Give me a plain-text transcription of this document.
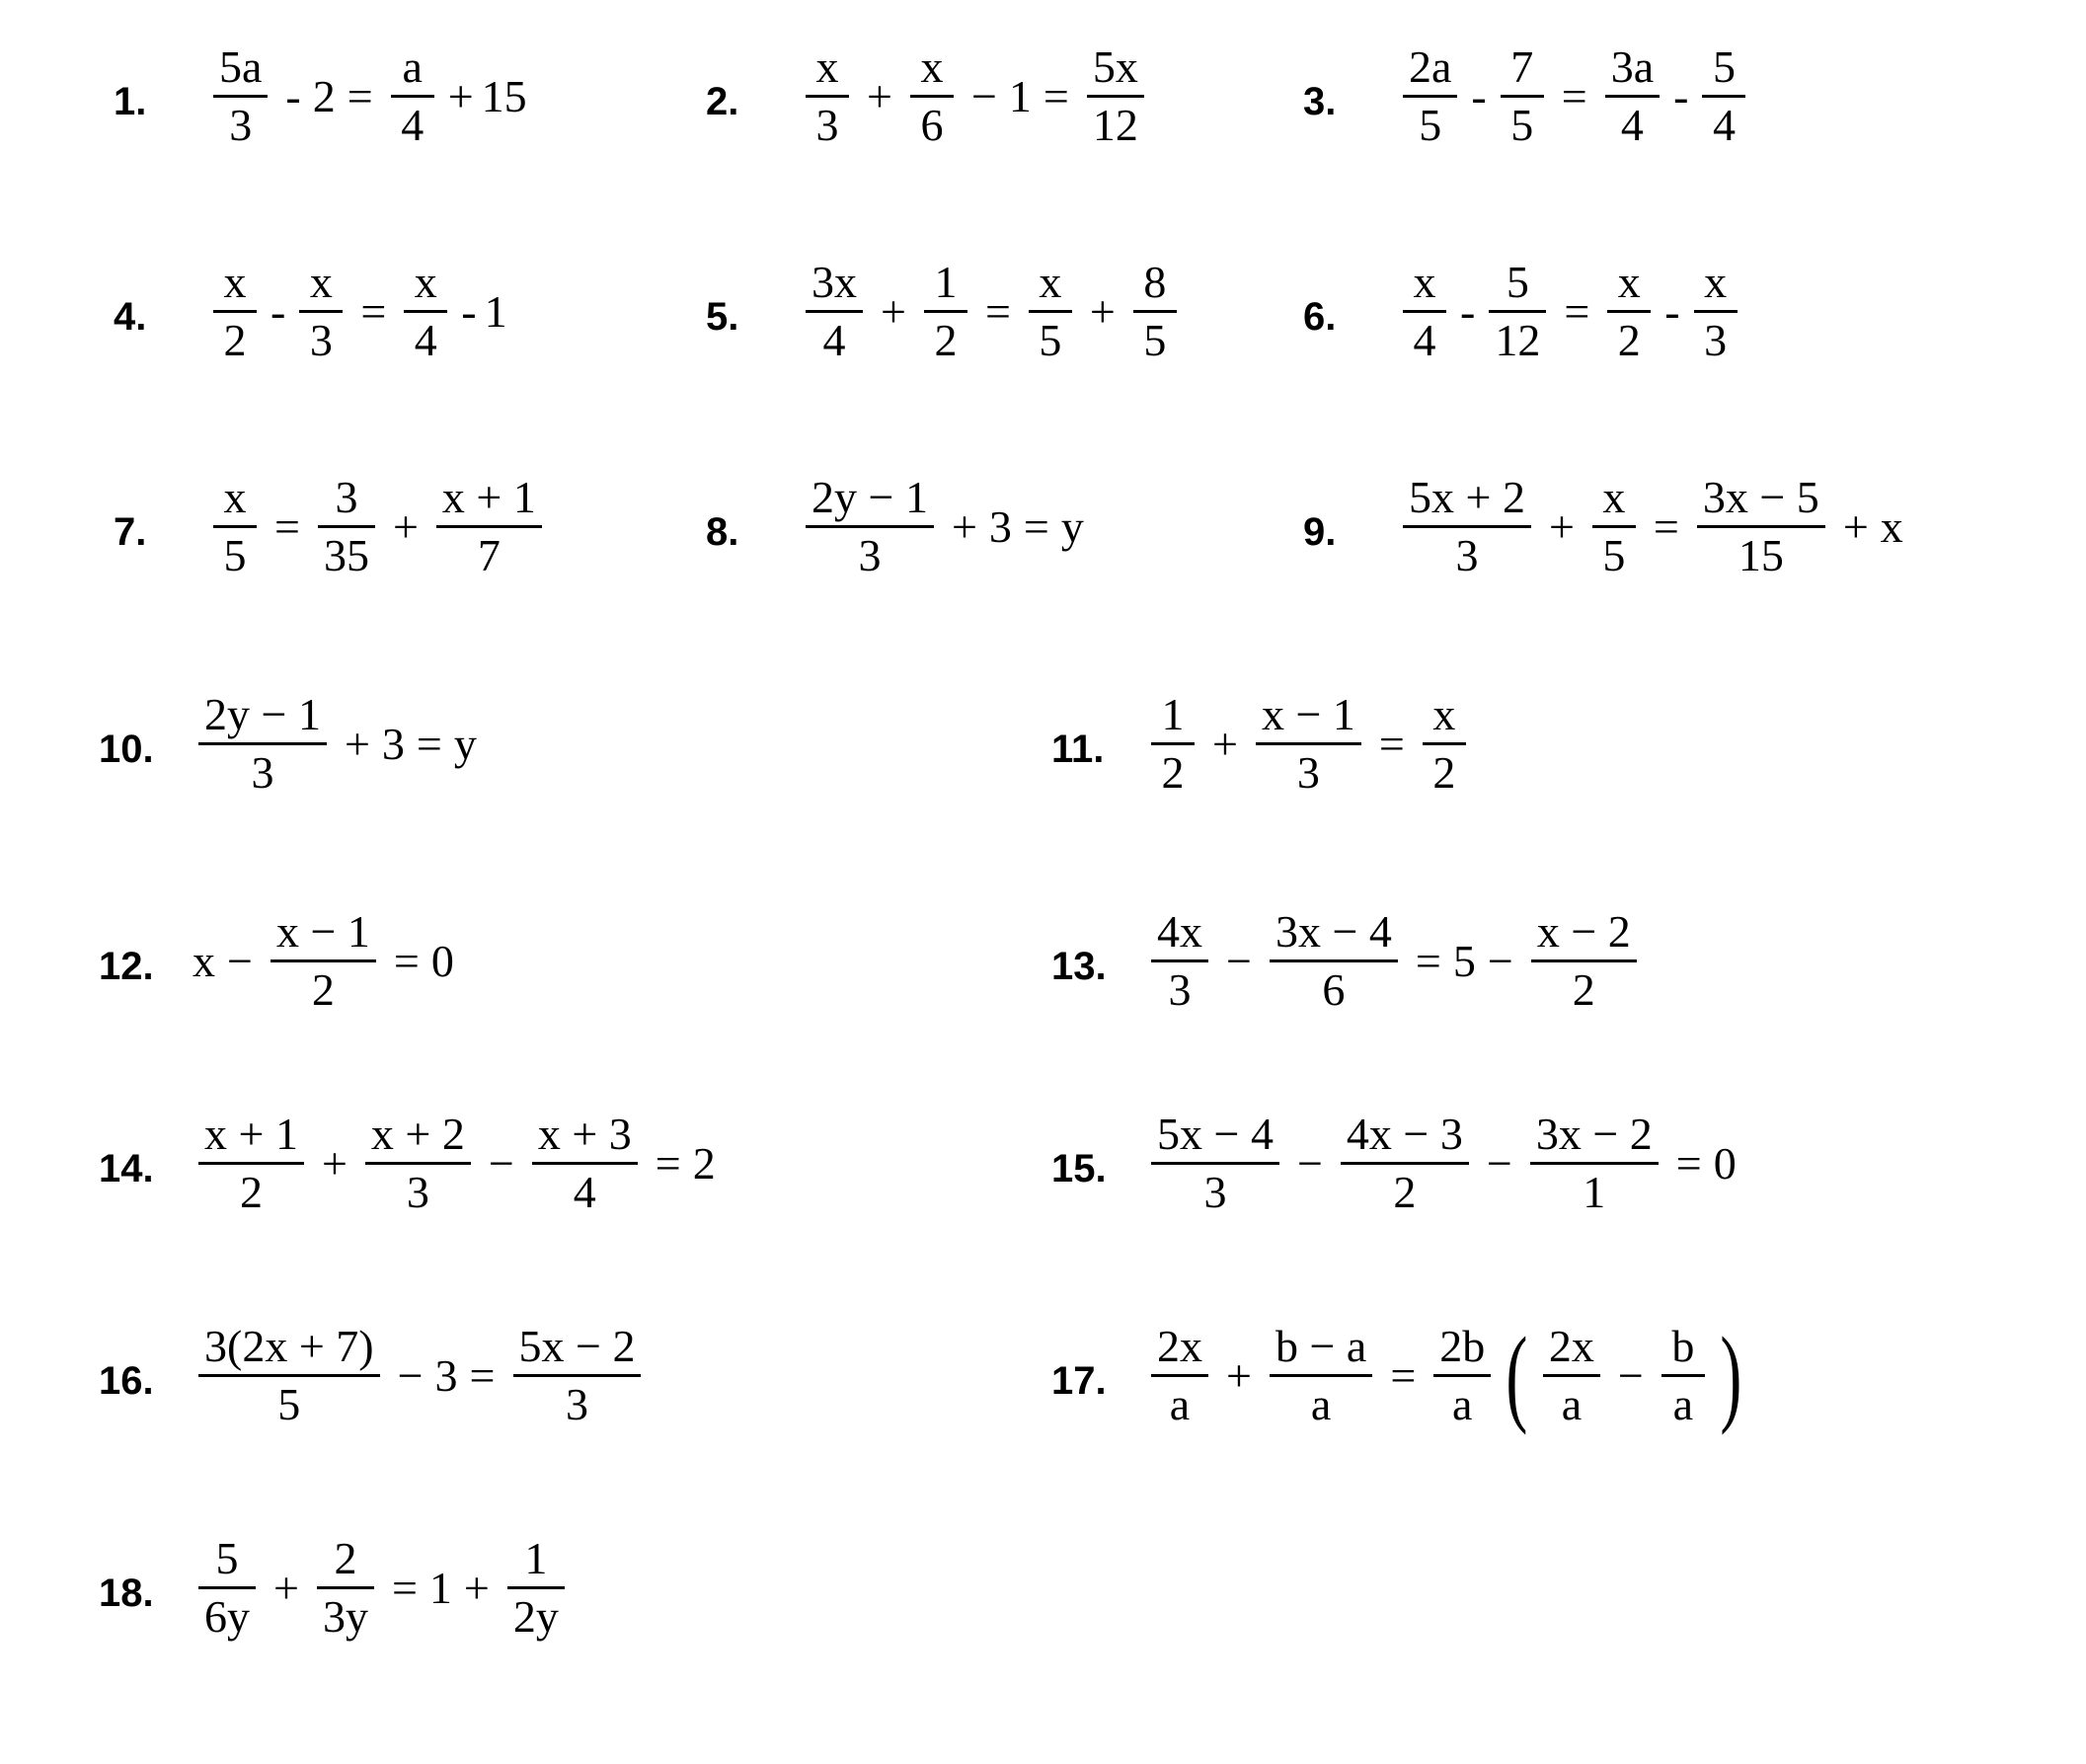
1.	$\frac{5a}{3} - 2 = \frac{a}{4} + 15$	2.	$\frac{x}{3} + \frac{x}{6} - 1 = \frac{5x}{12}$	3.	$\frac{2a}{5} - \frac{7}{5} = \frac{3a}{4} - \frac{5}{4}$
4.	$\frac{x}{2} - \frac{x}{3} = \frac{x}{4} - 1$	5.	$\frac{3x}{4} + \frac{1}{2} = \frac{x}{5} + \frac{8}{5}$	6.	$\frac{x}{4} - \frac{5}{12} = \frac{x}{2} - \frac{x}{3}$
7.	$\frac{x}{5} = \frac{3}{35} + \frac{x + 1}{7}$	8.	$\frac{2y - 1}{3} + 3 = y$	9.	$\frac{5x + 2}{3} + \frac{x}{5} = \frac{3x - 5}{15} + x$
10. $\frac{2y - 1}{3} + 3 = y$	11.	$\frac{1}{2} + \frac{x - 1}{3} = \frac{x}{2}$
12. $x - \frac{x - 1}{2} = 0$	13. $\frac{4x}{3} - \frac{3x - 4}{6} = 5 - \frac{x - 2}{2}$
14. $\frac{x + 1}{2} + \frac{x + 2}{3} - \frac{x + 3}{4} = 2$	15. $\frac{5x - 4}{3} - \frac{4x - 3}{2} - \frac{3x - 2}{1} = 0$
16. $\frac{3(2x + 7)}{5} - 3 = \frac{5x - 2}{3}$	17. $\frac{2x}{a} + \frac{b - a}{a} = \frac{2b}{a}$ ( $\frac{2x}{a} - \frac{b}{a}$ )
18. $\frac{5}{6y} + \frac{2}{3y} = 1 + \frac{1}{2y}$
